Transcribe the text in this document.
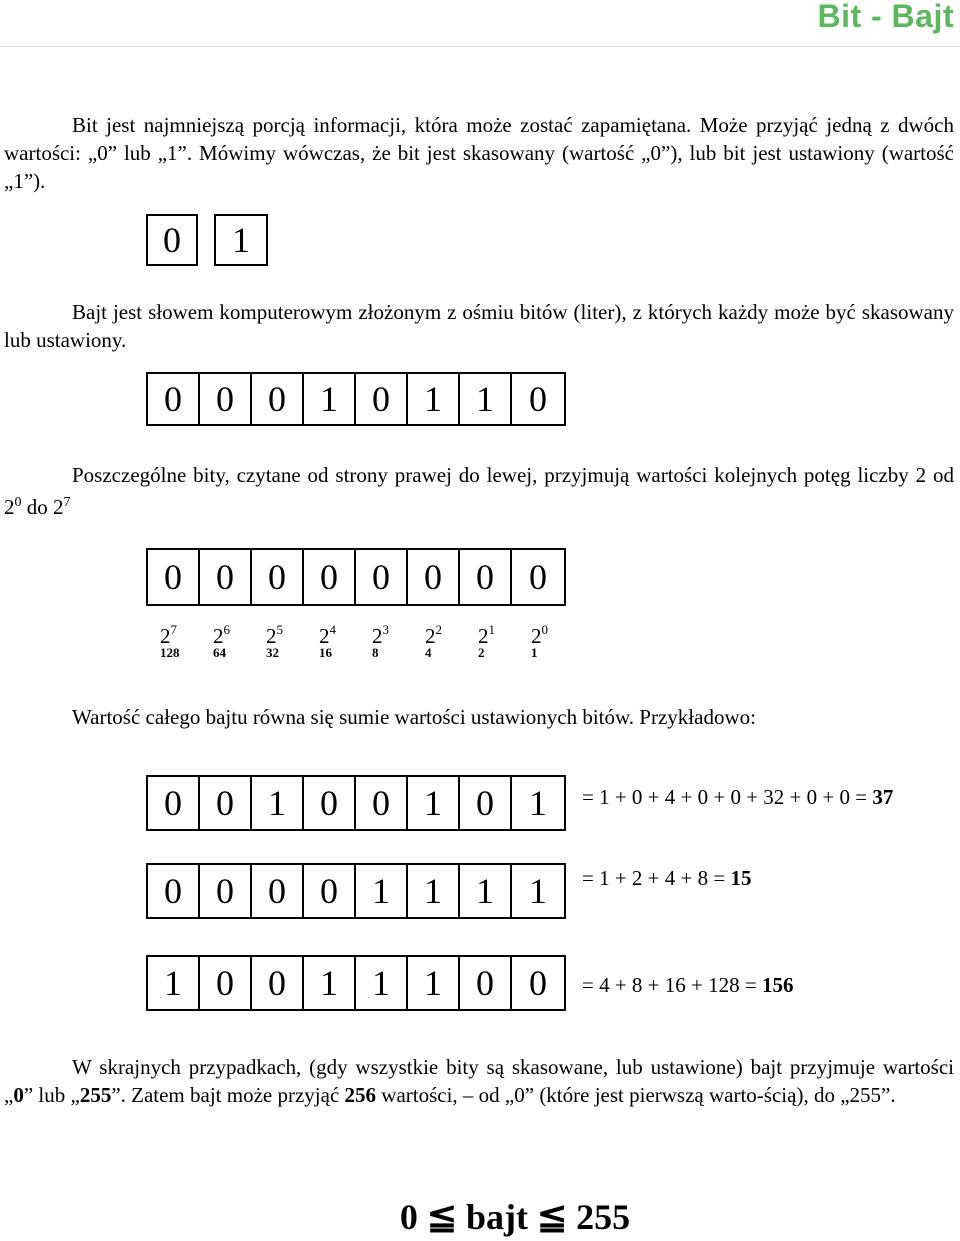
Bit - Bajt
Bit jest najmniejszą porcją informacji, która może zostać zapamiętana. Może przyjąć jedną z dwóch wartości: „0” lub „1”. Mówimy wówczas, że bit jest skasowany (wartość „0”), lub bit jest ustawiony (wartość „1”).
0	1
Bajt jest słowem komputerowym złożonym z ośmiu bitów (liter), z których każdy może być skasowany lub ustawiony.
0 0 0 1 0 1 1 0
Poszczególne bity, czytane od strony prawej do lewej, przyjmują wartości kolejnych potęg liczby 2 od $2^0$ do $2^7$
0 0 0 0 0 0 0 0
$2^7$	$2^6$	$2^5$	$2^4$	$2^3$	$2^2$	$2^1$	$2^0$
128	64	32	16	8	4	2	1
Wartość całego bajtu równa się sumie wartości ustawionych bitów. Przykładowo:
0 0 1 0 0 1 0 1	= 1 + 0 + 4 + 0 + 0 + 32 + 0 + 0 = 37
0 0 0 0 1 1 1 1	= 1 + 2 + 4 + 8 = 15
1 0 0 1 1 1 0 0	= 4 + 8 + 16 + 128 = 156
W skrajnych przypadkach, (gdy wszystkie bity są skasowane, lub ustawione) bajt przyjmuje wartości „0” lub „255”. Zatem bajt może przyjąć 256 wartości, – od „0” (które jest pierwszą warto-ścią), do „255”.
0 ≦ bajt ≦ 255
